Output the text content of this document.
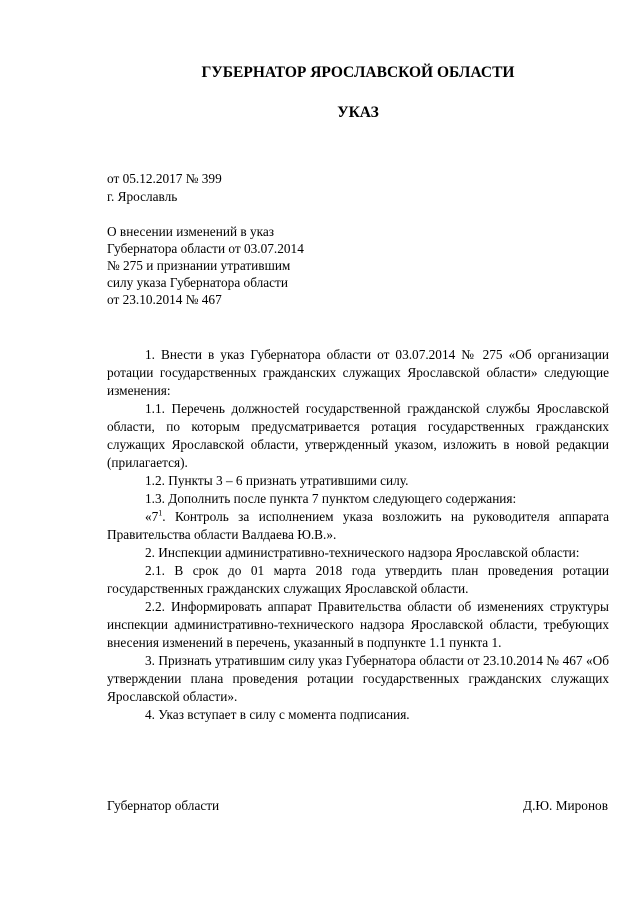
ГУБЕРНАТОР ЯРОСЛАВСКОЙ ОБЛАСТИ
УКАЗ
от 05.12.2017 № 399
г. Ярославль
О внесении изменений в указ
Губернатора области от 03.07.2014
№ 275 и признании утратившим
силу указа Губернатора области
от 23.10.2014 № 467

1. Внести в указ Губернатора области от 03.07.2014 № 275 «Об организации ротации государственных гражданских служащих Ярославской области» следующие изменения:

1.1. Перечень должностей государственной гражданской службы Ярославской области, по которым предусматривается ротация государственных гражданских служащих Ярославской области, утвержденный указом, изложить в новой редакции (прилагается).

1.2. Пункты 3 – 6 признать утратившими силу.

1.3. Дополнить после пункта 7 пунктом следующего содержания:

«$7^1$. Контроль за исполнением указа возложить на руководителя аппарата Правительства области Валдаева Ю.В.».

2. Инспекции административно-технического надзора Ярославской области:

2.1. В срок до 01 марта 2018 года утвердить план проведения ротации государственных гражданских служащих Ярославской области.

2.2. Информировать аппарат Правительства области об изменениях структуры инспекции административно-технического надзора Ярославской области, требующих внесения изменений в перечень, указанный в подпункте 1.1 пункта 1.

3. Признать утратившим силу указ Губернатора области от 23.10.2014 № 467 «Об утверждении плана проведения ротации государственных гражданских служащих Ярославской области».

4. Указ вступает в силу с момента подписания.

Губернатор области	Д.Ю. Миронов
